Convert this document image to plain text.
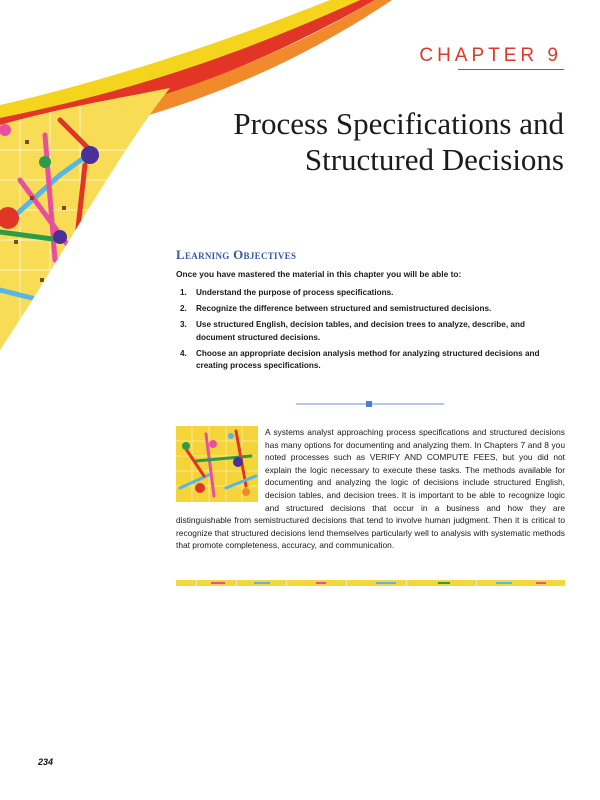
CHAPTER 9
Process Specifications and
Structured Decisions
Learning Objectives
Once you have mastered the material in this chapter you will be able to:
1. Understand the purpose of process specifications.
2. Recognize the difference between structured and semistructured decisions.
3. Use structured English, decision tables, and decision trees to analyze, describe, and document structured decisions.
4. Choose an appropriate decision analysis method for analyzing structured decisions and creating process specifications.

A systems analyst approaching process specifications and structured decisions has many options for documenting and analyzing them. In Chapters 7 and 8 you noted processes such as VERIFY AND COMPUTE FEES, but you did not explain the logic necessary to execute these tasks. The methods available for documenting and analyzing the logic of decisions include structured English, decision tables, and decision trees. It is important to be able to recognize logic and structured decisions that occur in a business and how they are distinguishable from semistructured decisions that tend to involve human judgment. Then it is critical to recognize that structured decisions lend themselves particularly well to analysis with systematic methods that promote completeness, accuracy, and communication.

234
